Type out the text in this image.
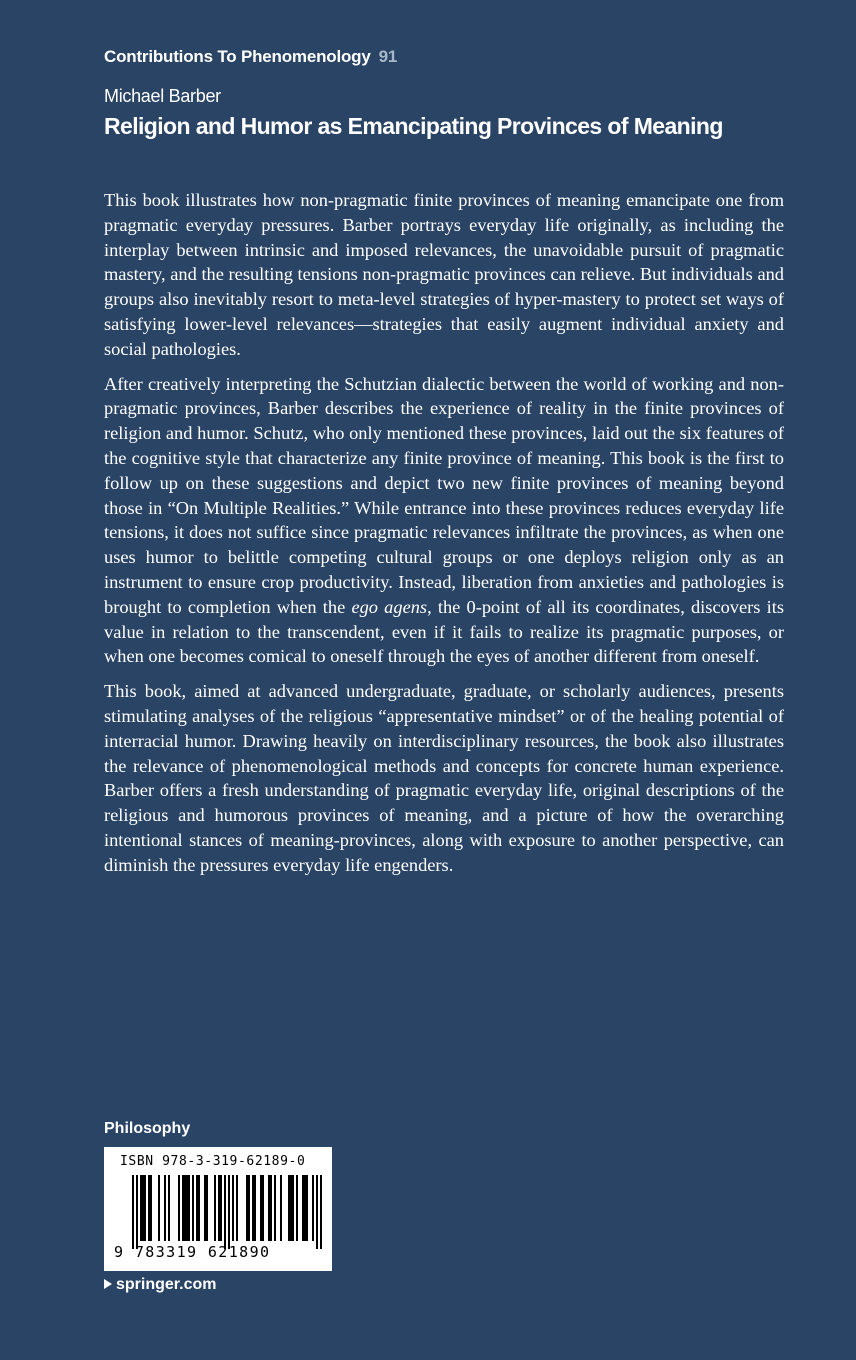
Contributions To Phenomenology 91
Michael Barber
Religion and Humor as Emancipating Provinces of Meaning

This book illustrates how non-pragmatic finite provinces of meaning emancipate one from pragmatic everyday pressures. Barber portrays everyday life originally, as including the interplay between intrinsic and imposed relevances, the unavoidable pursuit of pragmatic mastery, and the resulting tensions non-pragmatic provinces can relieve. But individuals and groups also inevitably resort to meta-level strategies of hyper-mastery to protect set ways of satisfying lower-level relevances—strategies that easily augment individual anxiety and social pathologies.

After creatively interpreting the Schutzian dialectic between the world of working and non-pragmatic provinces, Barber describes the experience of reality in the finite provinces of religion and humor. Schutz, who only mentioned these provinces, laid out the six features of the cognitive style that characterize any finite province of meaning. This book is the first to follow up on these suggestions and depict two new finite provinces of meaning beyond those in “On Multiple Realities.” While entrance into these provinces reduces everyday life tensions, it does not suffice since pragmatic relevances infiltrate the provinces, as when one uses humor to belittle competing cultural groups or one deploys religion only as an instrument to ensure crop productivity. Instead, liberation from anxieties and pathologies is brought to completion when the ego agens, the 0-point of all its coordinates, discovers its value in relation to the transcendent, even if it fails to realize its pragmatic purposes, or when one becomes comical to oneself through the eyes of another different from oneself.

This book, aimed at advanced undergraduate, graduate, or scholarly audiences, presents stimulating analyses of the religious “appresentative mindset” or of the healing potential of interracial humor. Drawing heavily on interdisciplinary resources, the book also illustrates the relevance of phenomenological methods and concepts for concrete human experience. Barber offers a fresh understanding of pragmatic everyday life, original descriptions of the religious and humorous provinces of meaning, and a picture of how the overarching intentional stances of meaning-provinces, along with exposure to another perspective, can diminish the pressures everyday life engenders.

Philosophy
ISBN 978-3-319-62189-0
9 783319 621890
springer.com
